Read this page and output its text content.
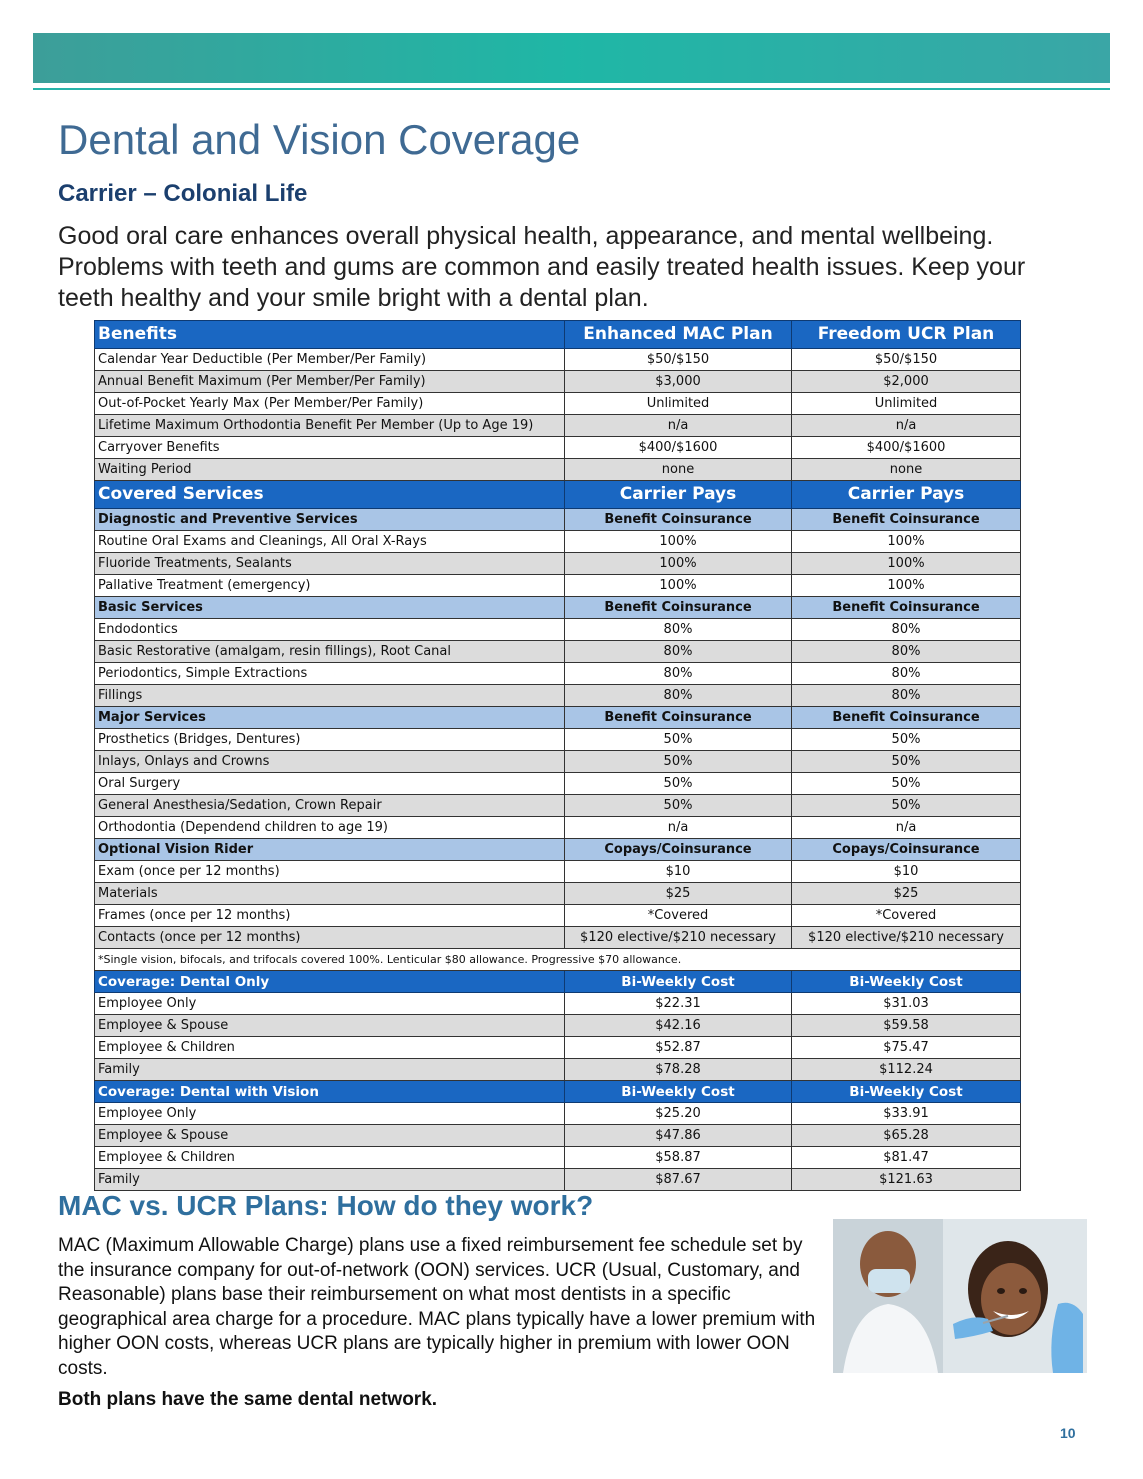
Dental and Vision Coverage
Carrier – Colonial Life
Good oral care enhances overall physical health, appearance, and mental wellbeing. Problems with teeth and gums are common and easily treated health issues. Keep your teeth healthy and your smile bright with a dental plan.
Benefits	Enhanced MAC Plan	Freedom UCR Plan
Calendar Year Deductible (Per Member/Per Family)	$50/$150	$50/$150
Annual Benefit Maximum (Per Member/Per Family)	$3,000	$2,000
Out-of-Pocket Yearly Max (Per Member/Per Family)	Unlimited	Unlimited
Lifetime Maximum Orthodontia Benefit Per Member (Up to Age 19)	n/a	n/a
Carryover Benefits	$400/$1600	$400/$1600
Waiting Period	none	none
Covered Services	Carrier Pays	Carrier Pays
Diagnostic and Preventive Services	Benefit Coinsurance	Benefit Coinsurance
Routine Oral Exams and Cleanings, All Oral X-Rays	100%	100%
Fluoride Treatments, Sealants	100%	100%
Pallative Treatment (emergency)	100%	100%
Basic Services	Benefit Coinsurance	Benefit Coinsurance
Endodontics	80%	80%
Basic Restorative (amalgam, resin fillings), Root Canal	80%	80%
Periodontics, Simple Extractions	80%	80%
Fillings	80%	80%
Major Services	Benefit Coinsurance	Benefit Coinsurance
Prosthetics (Bridges, Dentures)	50%	50%
Inlays, Onlays and Crowns	50%	50%
Oral Surgery	50%	50%
General Anesthesia/Sedation, Crown Repair	50%	50%
Orthodontia (Dependend children to age 19)	n/a	n/a
Optional Vision Rider	Copays/Coinsurance	Copays/Coinsurance
Exam (once per 12 months)	$10	$10
Materials	$25	$25
Frames (once per 12 months)	*Covered	*Covered
Contacts (once per 12 months)	$120 elective/$210 necessary	$120 elective/$210 necessary
*Single vision, bifocals, and trifocals covered 100%. Lenticular $80 allowance. Progressive $70 allowance.		
Coverage: Dental Only	Bi-Weekly Cost	Bi-Weekly Cost
Employee Only	$22.31	$31.03
Employee & Spouse	$42.16	$59.58
Employee & Children	$52.87	$75.47
Family	$78.28	$112.24
Coverage: Dental with Vision	Bi-Weekly Cost	Bi-Weekly Cost
Employee Only	$25.20	$33.91
Employee & Spouse	$47.86	$65.28
Employee & Children	$58.87	$81.47
Family	$87.67	$121.63
MAC vs. UCR Plans: How do they work?
MAC (Maximum Allowable Charge) plans use a fixed reimbursement fee schedule set by the insurance company for out-of-network (OON) services. UCR (Usual, Customary, and Reasonable) plans base their reimbursement on what most dentists in a specific geographical area charge for a procedure. MAC plans typically have a lower premium with higher OON costs, whereas UCR plans are typically higher in premium with lower OON costs.
Both plans have the same dental network.
10
